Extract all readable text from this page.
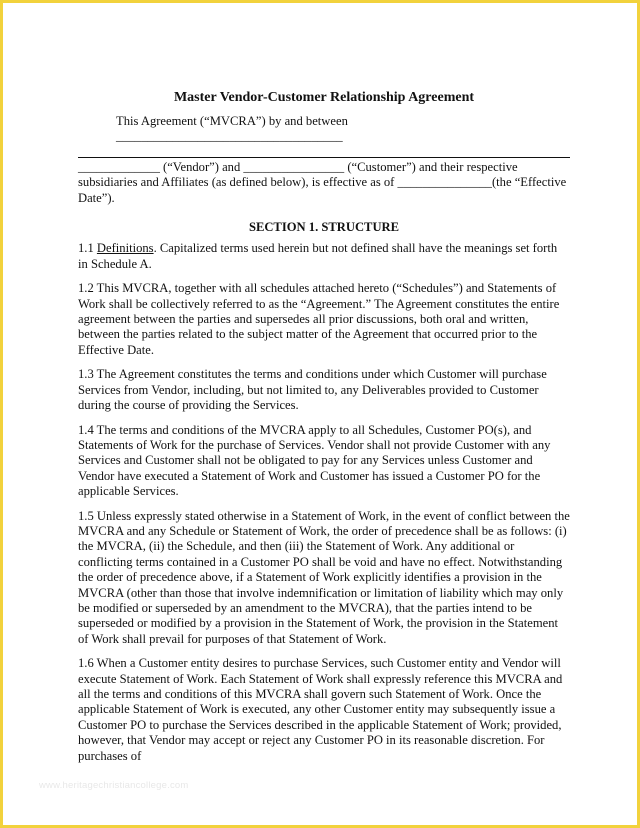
Master Vendor-Customer Relationship Agreement
This Agreement (“MVCRA”) by and between ____________________________________
_____________ (“Vendor”) and ________________ (“Customer”) and their respective subsidiaries and Affiliates (as defined below), is effective as of _______________(the “Effective Date”).
SECTION 1. STRUCTURE
1.1 Definitions. Capitalized terms used herein but not defined shall have the meanings set forth in Schedule A.
1.2 This MVCRA, together with all schedules attached hereto (“Schedules”) and Statements of Work shall be collectively referred to as the “Agreement.” The Agreement constitutes the entire agreement between the parties and supersedes all prior discussions, both oral and written, between the parties related to the subject matter of the Agreement that occurred prior to the Effective Date.
1.3 The Agreement constitutes the terms and conditions under which Customer will purchase Services from Vendor, including, but not limited to, any Deliverables provided to Customer during the course of providing the Services.
1.4 The terms and conditions of the MVCRA apply to all Schedules, Customer PO(s), and Statements of Work for the purchase of Services. Vendor shall not provide Customer with any Services and Customer shall not be obligated to pay for any Services unless Customer and Vendor have executed a Statement of Work and Customer has issued a Customer PO for the applicable Services.
1.5 Unless expressly stated otherwise in a Statement of Work, in the event of conflict between the MVCRA and any Schedule or Statement of Work, the order of precedence shall be as follows: (i) the MVCRA, (ii) the Schedule, and then (iii) the Statement of Work. Any additional or conflicting terms contained in a Customer PO shall be void and have no effect. Notwithstanding the order of precedence above, if a Statement of Work explicitly identifies a provision in the MVCRA (other than those that involve indemnification or limitation of liability which may only be modified or superseded by an amendment to the MVCRA), that the parties intend to be superseded or modified by a provision in the Statement of Work, the provision in the Statement of Work shall prevail for purposes of that Statement of Work.
1.6 When a Customer entity desires to purchase Services, such Customer entity and Vendor will execute Statement of Work. Each Statement of Work shall expressly reference this MVCRA and all the terms and conditions of this MVCRA shall govern such Statement of Work. Once the applicable Statement of Work is executed, any other Customer entity may subsequently issue a Customer PO to purchase the Services described in the applicable Statement of Work; provided, however, that Vendor may accept or reject any Customer PO in its reasonable discretion. For purchases of
www.heritagechristiancollege.com
